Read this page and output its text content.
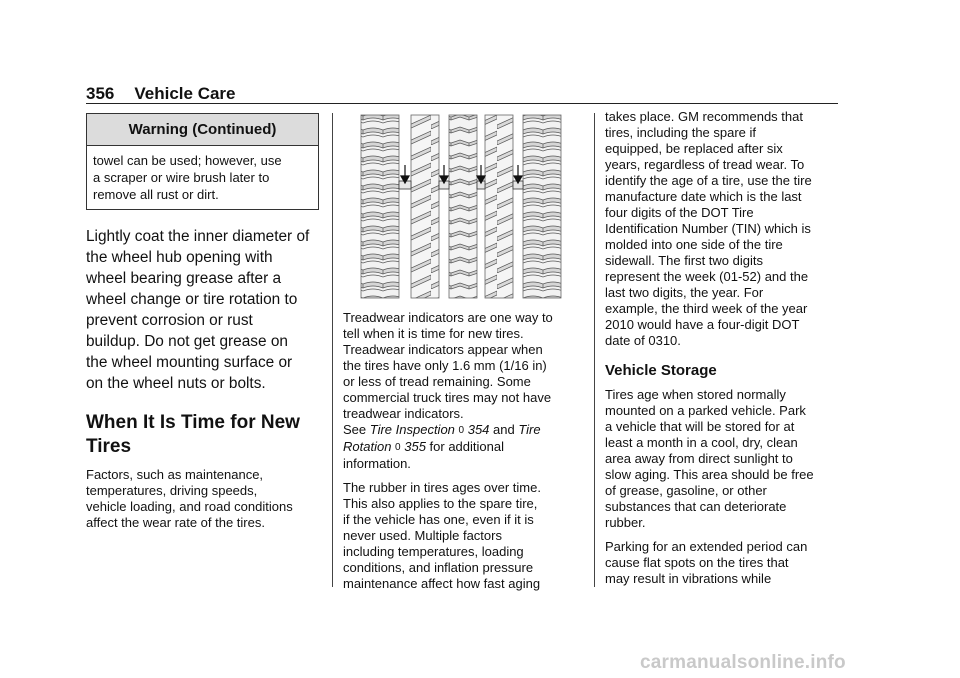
356 Vehicle Care
Warning (Continued)
towel can be used; however, use
a scraper or wire brush later to
remove all rust or dirt.
Lightly coat the inner diameter of
the wheel hub opening with
wheel bearing grease after a
wheel change or tire rotation to
prevent corrosion or rust
buildup. Do not get grease on
the wheel mounting surface or
on the wheel nuts or bolts.
When It Is Time for New
Tires
Factors, such as maintenance,
temperatures, driving speeds,
vehicle loading, and road conditions
affect the wear rate of the tires.
Treadwear indicators are one way to
tell when it is time for new tires.
Treadwear indicators appear when
the tires have only 1.6 mm (1/16 in)
or less of tread remaining. Some
commercial truck tires may not have
treadwear indicators.
See Tire Inspection 0 354 and Tire
Rotation 0 355 for additional
information.
The rubber in tires ages over time.
This also applies to the spare tire,
if the vehicle has one, even if it is
never used. Multiple factors
including temperatures, loading
conditions, and inflation pressure
maintenance affect how fast aging
takes place. GM recommends that
tires, including the spare if
equipped, be replaced after six
years, regardless of tread wear. To
identify the age of a tire, use the tire
manufacture date which is the last
four digits of the DOT Tire
Identification Number (TIN) which is
molded into one side of the tire
sidewall. The first two digits
represent the week (01-52) and the
last two digits, the year. For
example, the third week of the year
2010 would have a four-digit DOT
date of 0310.
Vehicle Storage
Tires age when stored normally
mounted on a parked vehicle. Park
a vehicle that will be stored for at
least a month in a cool, dry, clean
area away from direct sunlight to
slow aging. This area should be free
of grease, gasoline, or other
substances that can deteriorate
rubber.
Parking for an extended period can
cause flat spots on the tires that
may result in vibrations while
carmanualsonline.info
